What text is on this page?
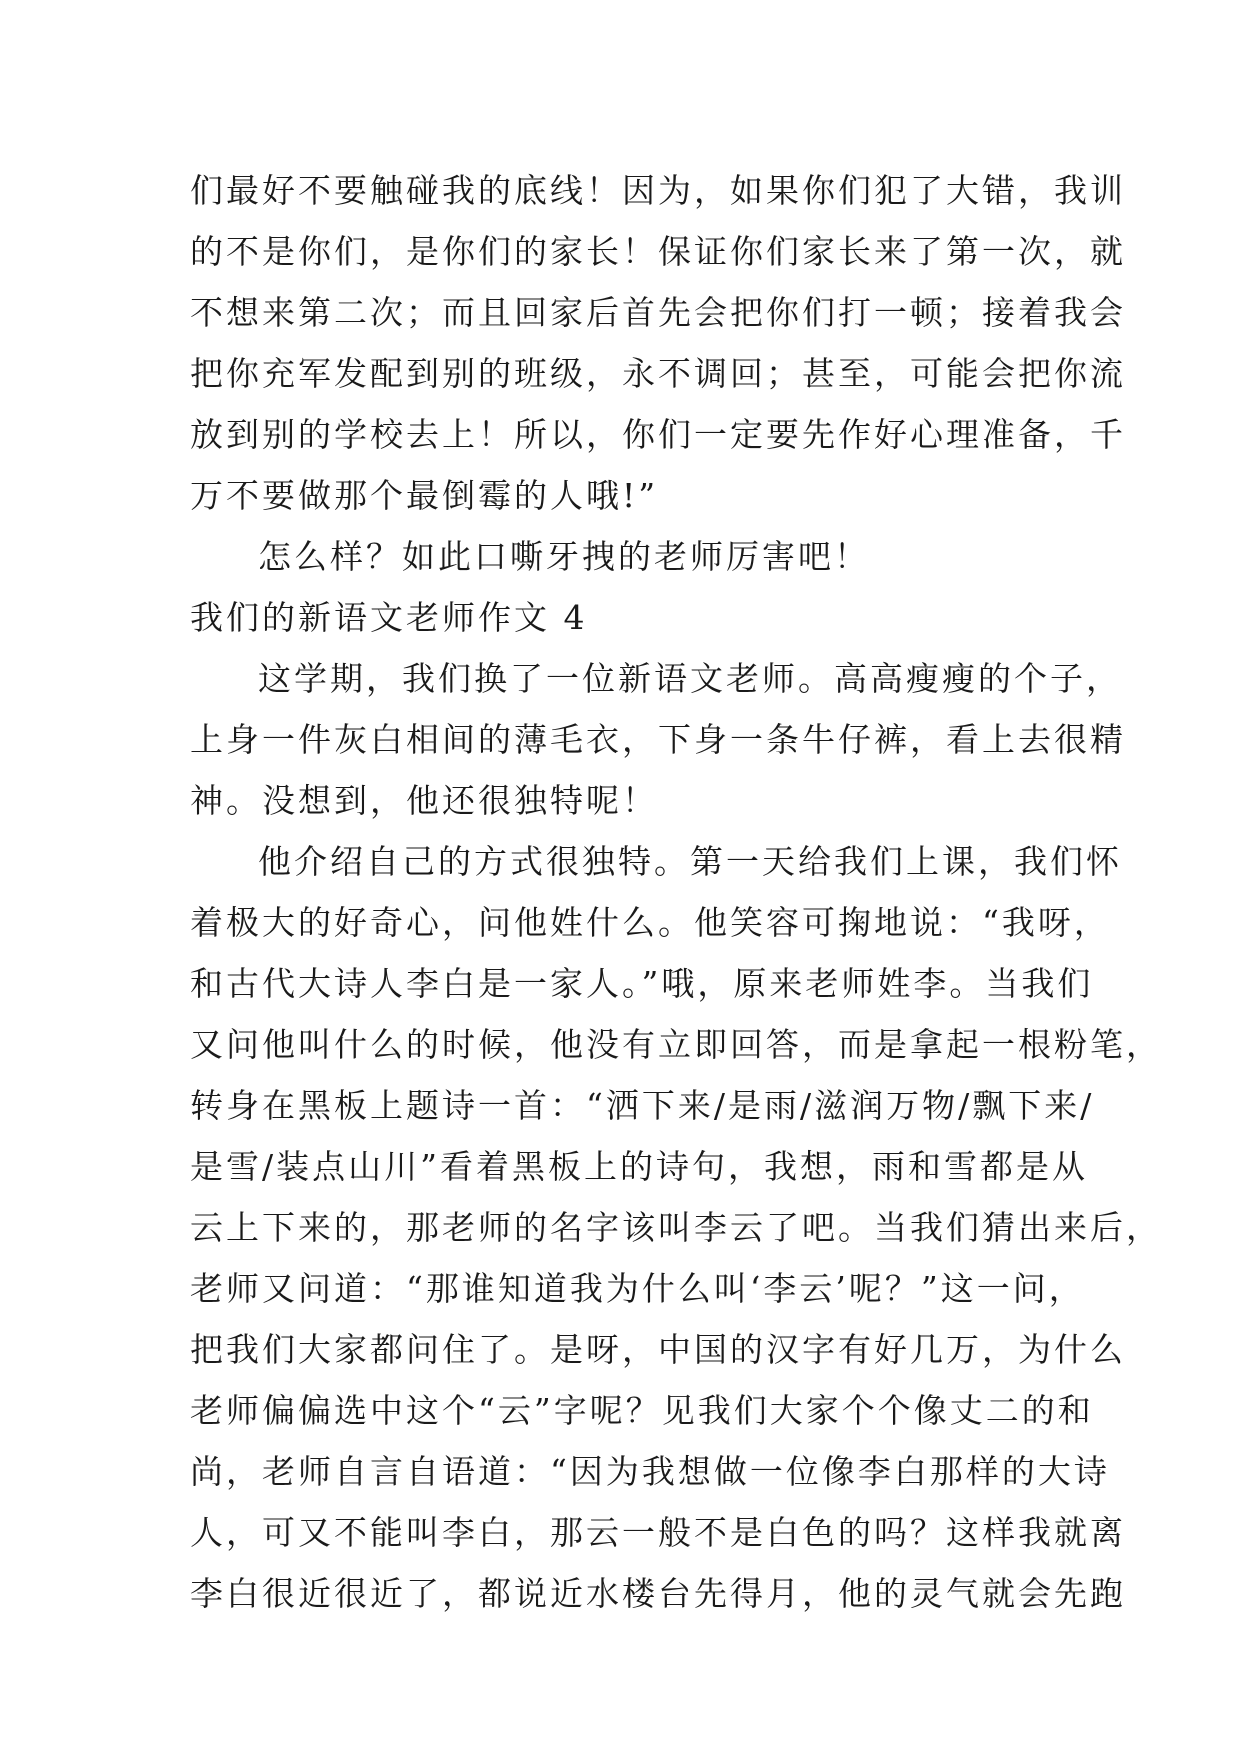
们最好不要触碰我的底线！因为，如果你们犯了大错，我训
的不是你们，是你们的家长！保证你们家长来了第一次，就
不想来第二次；而且回家后首先会把你们打一顿；接着我会
把你充军发配到别的班级，永不调回；甚至，可能会把你流
放到别的学校去上！所以，你们一定要先作好心理准备，千
万不要做那个最倒霉的人哦!”
怎么样？如此口嘶牙拽的老师厉害吧！
我们的新语文老师作文 4
这学期，我们换了一位新语文老师。高高瘦瘦的个子，
上身一件灰白相间的薄毛衣，下身一条牛仔裤，看上去很精
神。没想到，他还很独特呢！
他介绍自己的方式很独特。第一天给我们上课，我们怀
着极大的好奇心，问他姓什么。他笑容可掬地说：“我呀，
和古代大诗人李白是一家人。”哦，原来老师姓李。当我们
又问他叫什么的时候，他没有立即回答，而是拿起一根粉笔，
转身在黑板上题诗一首：“洒下来/是雨/滋润万物/飘下来/
是雪/装点山川”看着黑板上的诗句，我想，雨和雪都是从
云上下来的，那老师的名字该叫李云了吧。当我们猜出来后，
老师又问道：“那谁知道我为什么叫‘李云’呢？”这一问，
把我们大家都问住了。是呀，中国的汉字有好几万，为什么
老师偏偏选中这个“云”字呢？见我们大家个个像丈二的和
尚，老师自言自语道：“因为我想做一位像李白那样的大诗
人，可又不能叫李白，那云一般不是白色的吗？这样我就离
李白很近很近了，都说近水楼台先得月，他的灵气就会先跑
